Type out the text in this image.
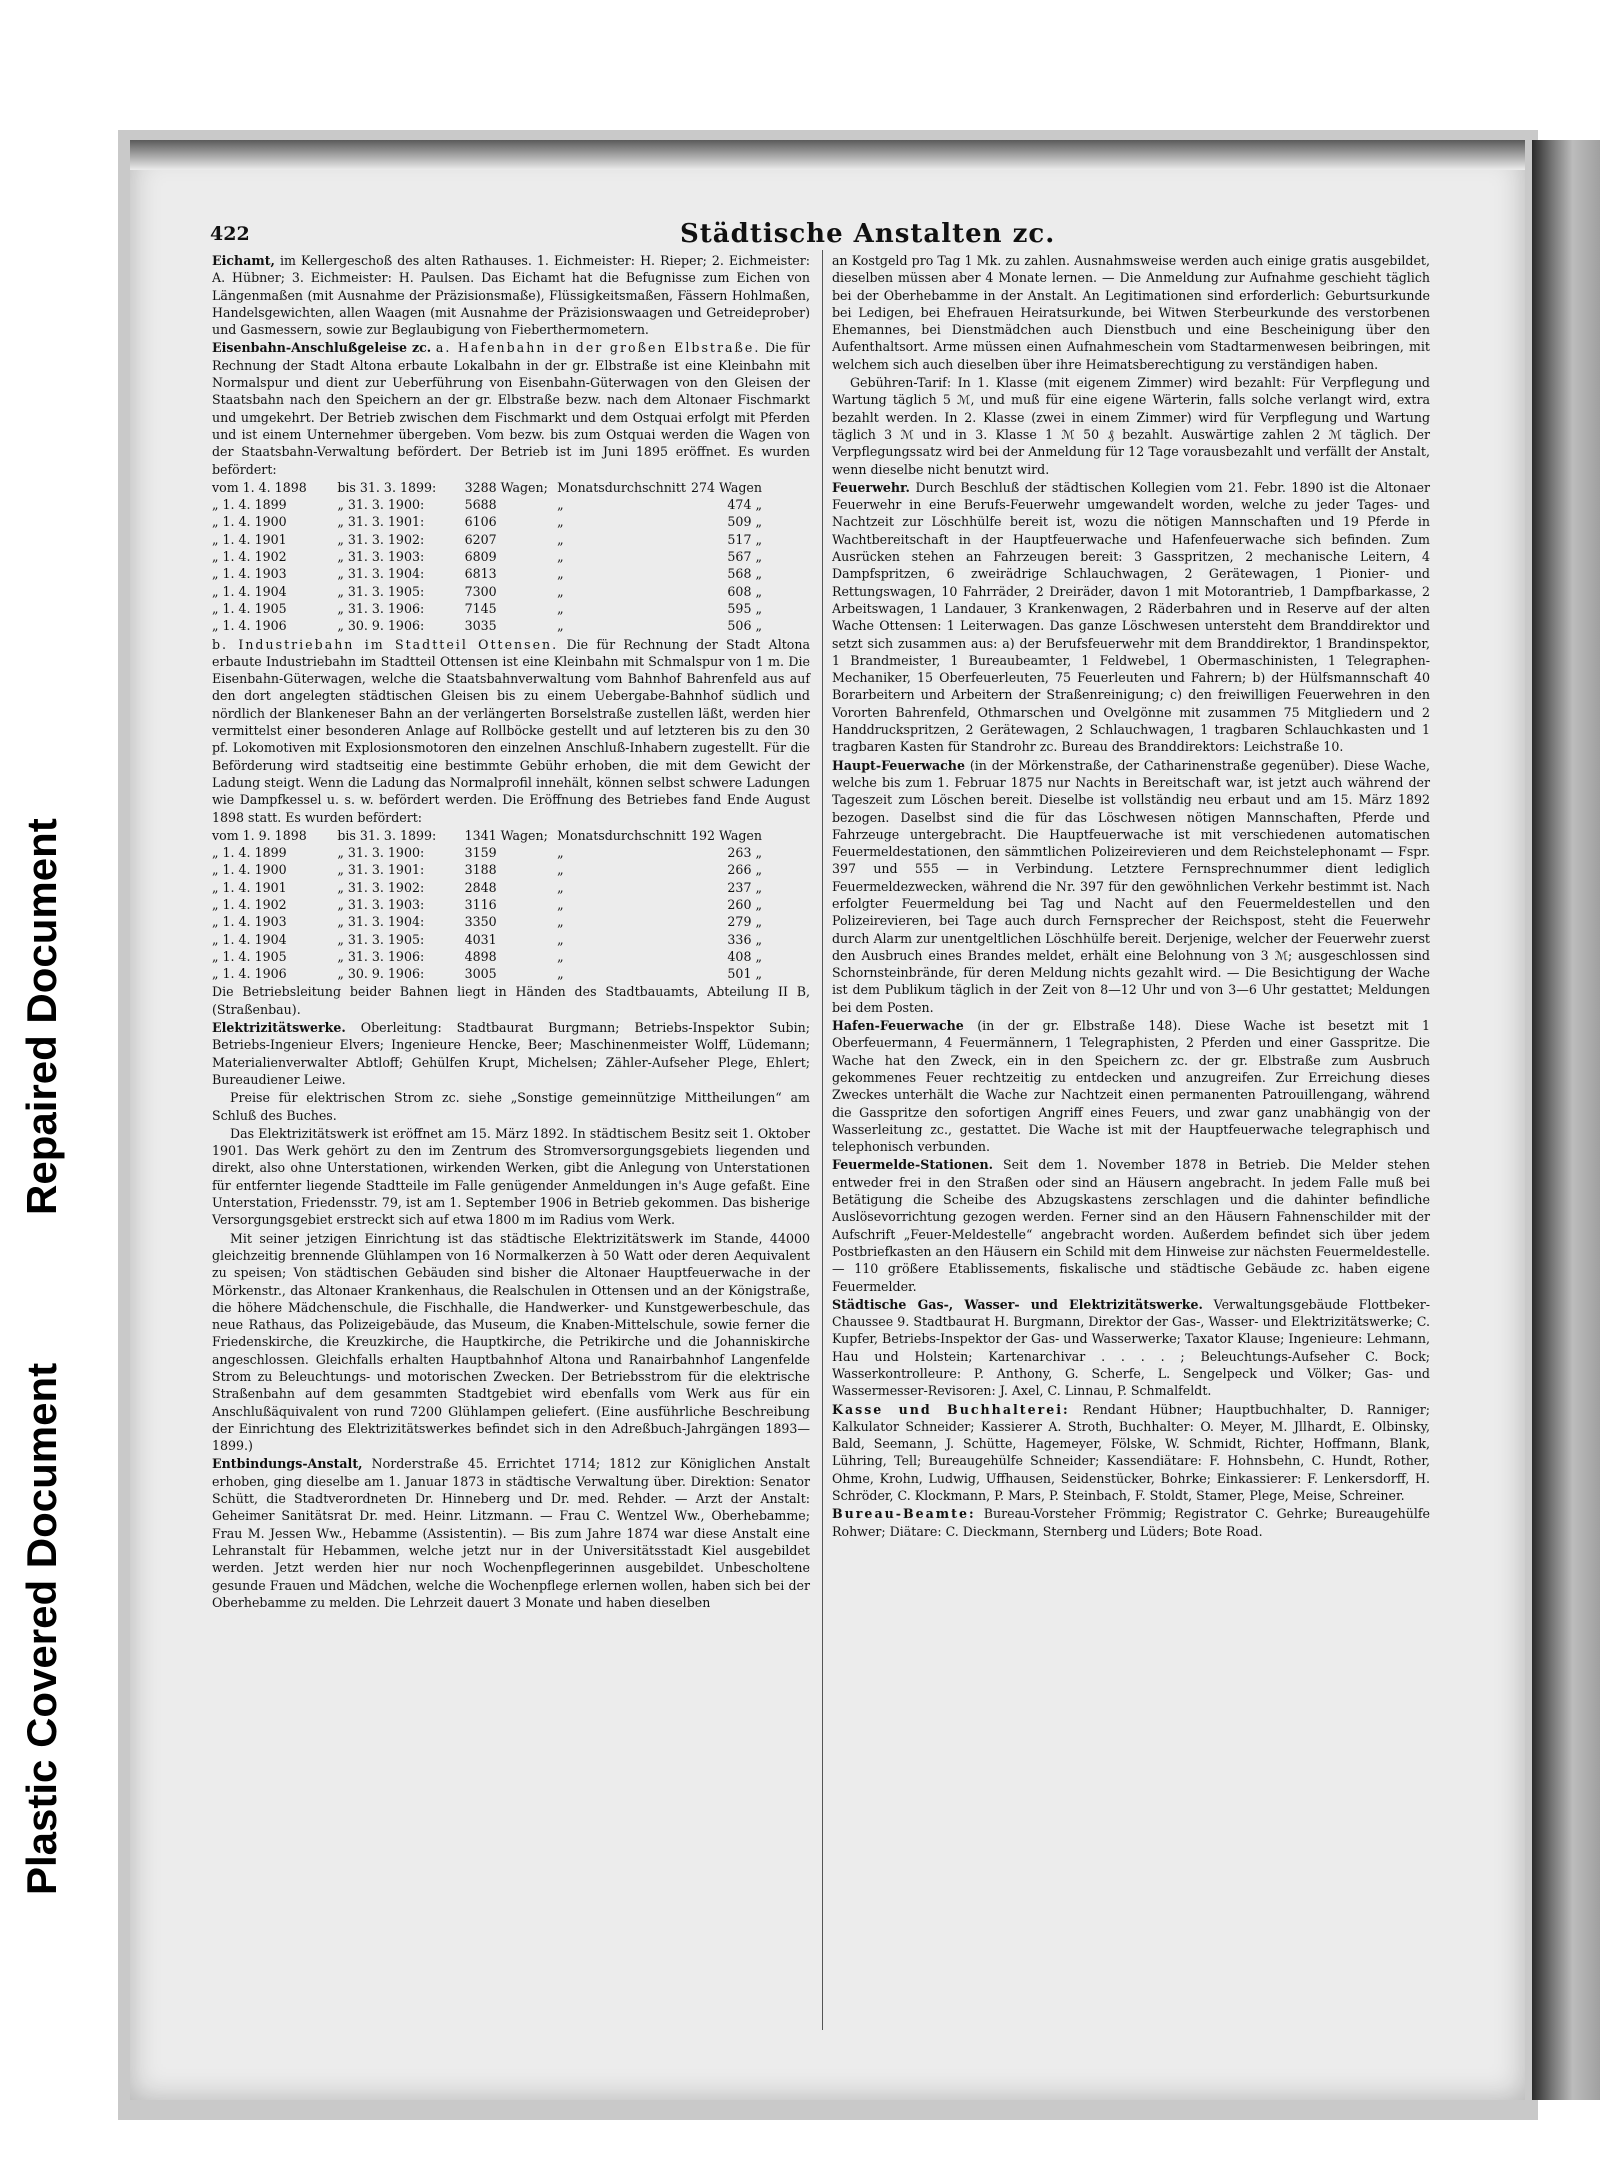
Repaired Document
Plastic Covered Document
422	Städtische Anstalten zc.

Eichamt, im Kellergeschoß des alten Rathauses. 1. Eichmeister: H. Rieper; 2. Eichmeister: A. Hübner; 3. Eichmeister: H. Paulsen. Das Eichamt hat die Befugnisse zum Eichen von Längenmaßen (mit Ausnahme der Präzisionsmaße), Flüssigkeitsmaßen, Fässern Hohlmaßen, Handelsgewichten, allen Waagen (mit Ausnahme der Präzisionswaagen und Getreideprober) und Gasmessern, sowie zur Beglaubigung von Fieberthermometern.

Eisenbahn-Anschlußgeleise zc. a. Hafenbahn in der großen Elbstraße. Die für Rechnung der Stadt Altona erbaute Lokalbahn in der gr. Elbstraße ist eine Kleinbahn mit Normalspur und dient zur Ueberführung von Eisenbahn-Güterwagen von den Gleisen der Staatsbahn nach den Speichern an der gr. Elbstraße bezw. nach dem Altonaer Fischmarkt und umgekehrt. Der Betrieb zwischen dem Fischmarkt und dem Ostquai erfolgt mit Pferden und ist einem Unternehmer übergeben. Vom bezw. bis zum Ostquai werden die Wagen von der Staatsbahn-Verwaltung befördert. Der Betrieb ist im Juni 1895 eröffnet. Es wurden befördert:

vom 1. 4. 1898	bis 31. 3. 1899:	3288 Wagen;	Monatsdurchschnitt	274 Wagen
„ 1. 4. 1899	„ 31. 3. 1900:	5688	„	474 „
„ 1. 4. 1900	„ 31. 3. 1901:	6106	„	509 „
„ 1. 4. 1901	„ 31. 3. 1902:	6207	„	517 „
„ 1. 4. 1902	„ 31. 3. 1903:	6809	„	567 „
„ 1. 4. 1903	„ 31. 3. 1904:	6813	„	568 „
„ 1. 4. 1904	„ 31. 3. 1905:	7300	„	608 „
„ 1. 4. 1905	„ 31. 3. 1906:	7145	„	595 „
„ 1. 4. 1906	„ 30. 9. 1906:	3035	„	506 „

b. Industriebahn im Stadtteil Ottensen. Die für Rechnung der Stadt Altona erbaute Industriebahn im Stadtteil Ottensen ist eine Kleinbahn mit Schmalspur von 1 m. Die Eisenbahn-Güterwagen, welche die Staatsbahnverwaltung vom Bahnhof Bahrenfeld aus auf den dort angelegten städtischen Gleisen bis zu einem Uebergabe-Bahnhof südlich und nördlich der Blankeneser Bahn an der verlängerten Borselstraße zustellen läßt, werden hier vermittelst einer besonderen Anlage auf Rollböcke gestellt und auf letzteren bis zu den 30 pf. Lokomotiven mit Explosionsmotoren den einzelnen Anschluß-Inhabern zugestellt. Für die Beförderung wird stadtseitig eine bestimmte Gebühr erhoben, die mit dem Gewicht der Ladung steigt. Wenn die Ladung das Normalprofil innehält, können selbst schwere Ladungen wie Dampfkessel u. s. w. befördert werden. Die Eröffnung des Betriebes fand Ende August 1898 statt. Es wurden befördert:

vom 1. 9. 1898	bis 31. 3. 1899:	1341 Wagen;	Monatsdurchschnitt	192 Wagen
„ 1. 4. 1899	„ 31. 3. 1900:	3159	„	263 „
„ 1. 4. 1900	„ 31. 3. 1901:	3188	„	266 „
„ 1. 4. 1901	„ 31. 3. 1902:	2848	„	237 „
„ 1. 4. 1902	„ 31. 3. 1903:	3116	„	260 „
„ 1. 4. 1903	„ 31. 3. 1904:	3350	„	279 „
„ 1. 4. 1904	„ 31. 3. 1905:	4031	„	336 „
„ 1. 4. 1905	„ 31. 3. 1906:	4898	„	408 „
„ 1. 4. 1906	„ 30. 9. 1906:	3005	„	501 „

Die Betriebsleitung beider Bahnen liegt in Händen des Stadtbauamts, Abteilung II B, (Straßenbau).

Elektrizitätswerke. Oberleitung: Stadtbaurat Burgmann; Betriebs-Inspektor Subin; Betriebs-Ingenieur Elvers; Ingenieure Hencke, Beer; Maschinenmeister Wolff, Lüdemann; Materialienverwalter Abtloff; Gehülfen Krupt, Michelsen; Zähler-Aufseher Plege, Ehlert; Bureaudiener Leiwe.

Preise für elektrischen Strom zc. siehe „Sonstige gemeinnützige Mittheilungen“ am Schluß des Buches.

Das Elektrizitätswerk ist eröffnet am 15. März 1892. In städtischem Besitz seit 1. Oktober 1901. Das Werk gehört zu den im Zentrum des Stromversorgungsgebiets liegenden und direkt, also ohne Unterstationen, wirkenden Werken, gibt die Anlegung von Unterstationen für entfernter liegende Stadtteile im Falle genügender Anmeldungen in's Auge gefaßt. Eine Unterstation, Friedensstr. 79, ist am 1. September 1906 in Betrieb gekommen. Das bisherige Versorgungsgebiet erstreckt sich auf etwa 1800 m im Radius vom Werk.

Mit seiner jetzigen Einrichtung ist das städtische Elektrizitätswerk im Stande, 44000 gleichzeitig brennende Glühlampen von 16 Normalkerzen à 50 Watt oder deren Aequivalent zu speisen; Von städtischen Gebäuden sind bisher die Altonaer Hauptfeuerwache in der Mörkenstr., das Altonaer Krankenhaus, die Realschulen in Ottensen und an der Königstraße, die höhere Mädchenschule, die Fischhalle, die Handwerker- und Kunstgewerbeschule, das neue Rathaus, das Polizeigebäude, das Museum, die Knaben-Mittelschule, sowie ferner die Friedenskirche, die Kreuzkirche, die Hauptkirche, die Petrikirche und die Johanniskirche angeschlossen. Gleichfalls erhalten Hauptbahnhof Altona und Ranairbahnhof Langenfelde Strom zu Beleuchtungs- und motorischen Zwecken. Der Betriebsstrom für die elektrische Straßenbahn auf dem gesammten Stadtgebiet wird ebenfalls vom Werk aus für ein Anschlußäquivalent von rund 7200 Glühlampen geliefert. (Eine ausführliche Beschreibung der Einrichtung des Elektrizitätswerkes befindet sich in den Adreßbuch-Jahrgängen 1893—1899.)

Entbindungs-Anstalt, Norderstraße 45. Errichtet 1714; 1812 zur Königlichen Anstalt erhoben, ging dieselbe am 1. Januar 1873 in städtische Verwaltung über. Direktion: Senator Schütt, die Stadtverordneten Dr. Hinneberg und Dr. med. Rehder. — Arzt der Anstalt: Geheimer Sanitätsrat Dr. med. Heinr. Litzmann. — Frau C. Wentzel Ww., Oberhebamme; Frau M. Jessen Ww., Hebamme (Assistentin). — Bis zum Jahre 1874 war diese Anstalt eine Lehranstalt für Hebammen, welche jetzt nur in der Universitätsstadt Kiel ausgebildet werden. Jetzt werden hier nur noch Wochenpflegerinnen ausgebildet. Unbescholtene gesunde Frauen und Mädchen, welche die Wochenpflege erlernen wollen, haben sich bei der Oberhebamme zu melden. Die Lehrzeit dauert 3 Monate und haben dieselben

an Kostgeld pro Tag 1 Mk. zu zahlen. Ausnahmsweise werden auch einige gratis ausgebildet, dieselben müssen aber 4 Monate lernen. — Die Anmeldung zur Aufnahme geschieht täglich bei der Oberhebamme in der Anstalt. An Legitimationen sind erforderlich: Geburtsurkunde bei Ledigen, bei Ehefrauen Heiratsurkunde, bei Witwen Sterbeurkunde des verstorbenen Ehemannes, bei Dienstmädchen auch Dienstbuch und eine Bescheinigung über den Aufenthaltsort. Arme müssen einen Aufnahmeschein vom Stadtarmenwesen beibringen, mit welchem sich auch dieselben über ihre Heimatsberechtigung zu verständigen haben.

Gebühren-Tarif: In 1. Klasse (mit eigenem Zimmer) wird bezahlt: Für Verpflegung und Wartung täglich 5 ℳ, und muß für eine eigene Wärterin, falls solche verlangt wird, extra bezahlt werden. In 2. Klasse (zwei in einem Zimmer) wird für Verpflegung und Wartung täglich 3 ℳ und in 3. Klasse 1 ℳ 50 ₰ bezahlt. Auswärtige zahlen 2 ℳ täglich. Der Verpflegungssatz wird bei der Anmeldung für 12 Tage vorausbezahlt und verfällt der Anstalt, wenn dieselbe nicht benutzt wird.

Feuerwehr. Durch Beschluß der städtischen Kollegien vom 21. Febr. 1890 ist die Altonaer Feuerwehr in eine Berufs-Feuerwehr umgewandelt worden, welche zu jeder Tages- und Nachtzeit zur Löschhülfe bereit ist, wozu die nötigen Mannschaften und 19 Pferde in Wachtbereitschaft in der Hauptfeuerwache und Hafenfeuerwache sich befinden. Zum Ausrücken stehen an Fahrzeugen bereit: 3 Gasspritzen, 2 mechanische Leitern, 4 Dampfspritzen, 6 zweirädrige Schlauchwagen, 2 Gerätewagen, 1 Pionier- und Rettungswagen, 10 Fahrräder, 2 Dreiräder, davon 1 mit Motorantrieb, 1 Dampfbarkasse, 2 Arbeitswagen, 1 Landauer, 3 Krankenwagen, 2 Räderbahren und in Reserve auf der alten Wache Ottensen: 1 Leiterwagen. Das ganze Löschwesen untersteht dem Branddirektor und setzt sich zusammen aus: a) der Berufsfeuerwehr mit dem Branddirektor, 1 Brandinspektor, 1 Brandmeister, 1 Bureaubeamter, 1 Feldwebel, 1 Obermaschinisten, 1 Telegraphen-Mechaniker, 15 Oberfeuerleuten, 75 Feuerleuten und Fahrern; b) der Hülfsmannschaft 40 Borarbeitern und Arbeitern der Straßenreinigung; c) den freiwilligen Feuerwehren in den Vororten Bahrenfeld, Othmarschen und Ovelgönne mit zusammen 75 Mitgliedern und 2 Handdruckspritzen, 2 Gerätewagen, 2 Schlauchwagen, 1 tragbaren Schlauchkasten und 1 tragbaren Kasten für Standrohr zc. Bureau des Branddirektors: Leichstraße 10.

Haupt-Feuerwache (in der Mörkenstraße, der Catharinenstraße gegenüber). Diese Wache, welche bis zum 1. Februar 1875 nur Nachts in Bereitschaft war, ist jetzt auch während der Tageszeit zum Löschen bereit. Dieselbe ist vollständig neu erbaut und am 15. März 1892 bezogen. Daselbst sind die für das Löschwesen nötigen Mannschaften, Pferde und Fahrzeuge untergebracht. Die Hauptfeuerwache ist mit verschiedenen automatischen Feuermeldestationen, den sämmtlichen Polizeirevieren und dem Reichstelephonamt — Fspr. 397 und 555 — in Verbindung. Letztere Fernsprechnummer dient lediglich Feuermeldezwecken, während die Nr. 397 für den gewöhnlichen Verkehr bestimmt ist. Nach erfolgter Feuermeldung bei Tag und Nacht auf den Feuermeldestellen und den Polizeirevieren, bei Tage auch durch Fernsprecher der Reichspost, steht die Feuerwehr durch Alarm zur unentgeltlichen Löschhülfe bereit. Derjenige, welcher der Feuerwehr zuerst den Ausbruch eines Brandes meldet, erhält eine Belohnung von 3 ℳ; ausgeschlossen sind Schornsteinbrände, für deren Meldung nichts gezahlt wird. — Die Besichtigung der Wache ist dem Publikum täglich in der Zeit von 8—12 Uhr und von 3—6 Uhr gestattet; Meldungen bei dem Posten.

Hafen-Feuerwache (in der gr. Elbstraße 148). Diese Wache ist besetzt mit 1 Oberfeuermann, 4 Feuermännern, 1 Telegraphisten, 2 Pferden und einer Gasspritze. Die Wache hat den Zweck, ein in den Speichern zc. der gr. Elbstraße zum Ausbruch gekommenes Feuer rechtzeitig zu entdecken und anzugreifen. Zur Erreichung dieses Zweckes unterhält die Wache zur Nachtzeit einen permanenten Patrouillengang, während die Gasspritze den sofortigen Angriff eines Feuers, und zwar ganz unabhängig von der Wasserleitung zc., gestattet. Die Wache ist mit der Hauptfeuerwache telegraphisch und telephonisch verbunden.

Feuermelde-Stationen. Seit dem 1. November 1878 in Betrieb. Die Melder stehen entweder frei in den Straßen oder sind an Häusern angebracht. In jedem Falle muß bei Betätigung die Scheibe des Abzugskastens zerschlagen und die dahinter befindliche Auslösevorrichtung gezogen werden. Ferner sind an den Häusern Fahnenschilder mit der Aufschrift „Feuer-Meldestelle“ angebracht worden. Außerdem befindet sich über jedem Postbriefkasten an den Häusern ein Schild mit dem Hinweise zur nächsten Feuermeldestelle. — 110 größere Etablissements, fiskalische und städtische Gebäude zc. haben eigene Feuermelder.

Städtische Gas-, Wasser- und Elektrizitätswerke. Verwaltungsgebäude Flottbeker-Chaussee 9. Stadtbaurat H. Burgmann, Direktor der Gas-, Wasser- und Elektrizitätswerke; C. Kupfer, Betriebs-Inspektor der Gas- und Wasserwerke; Taxator Klause; Ingenieure: Lehmann, Hau und Holstein; Kartenarchivar . . . . ; Beleuchtungs-Aufseher C. Bock; Wasserkontrolleure: P. Anthony, G. Scherfe, L. Sengelpeck und Völker; Gas- und Wassermesser-Revisoren: J. Axel, C. Linnau, P. Schmalfeldt.

Kasse und Buchhalterei: Rendant Hübner; Hauptbuchhalter, D. Ranniger; Kalkulator Schneider; Kassierer A. Stroth, Buchhalter: O. Meyer, M. Jllhardt, E. Olbinsky, Bald, Seemann, J. Schütte, Hagemeyer, Fölske, W. Schmidt, Richter, Hoffmann, Blank, Lühring, Tell; Bureaugehülfe Schneider; Kassendiätare: F. Hohnsbehn, C. Hundt, Rother, Ohme, Krohn, Ludwig, Uffhausen, Seidenstücker, Bohrke; Einkassierer: F. Lenkersdorff, H. Schröder, C. Klockmann, P. Mars, P. Steinbach, F. Stoldt, Stamer, Plege, Meise, Schreiner.

Bureau-Beamte: Bureau-Vorsteher Frömmig; Registrator C. Gehrke; Bureaugehülfe Rohwer; Diätare: C. Dieckmann, Sternberg und Lüders; Bote Road.
